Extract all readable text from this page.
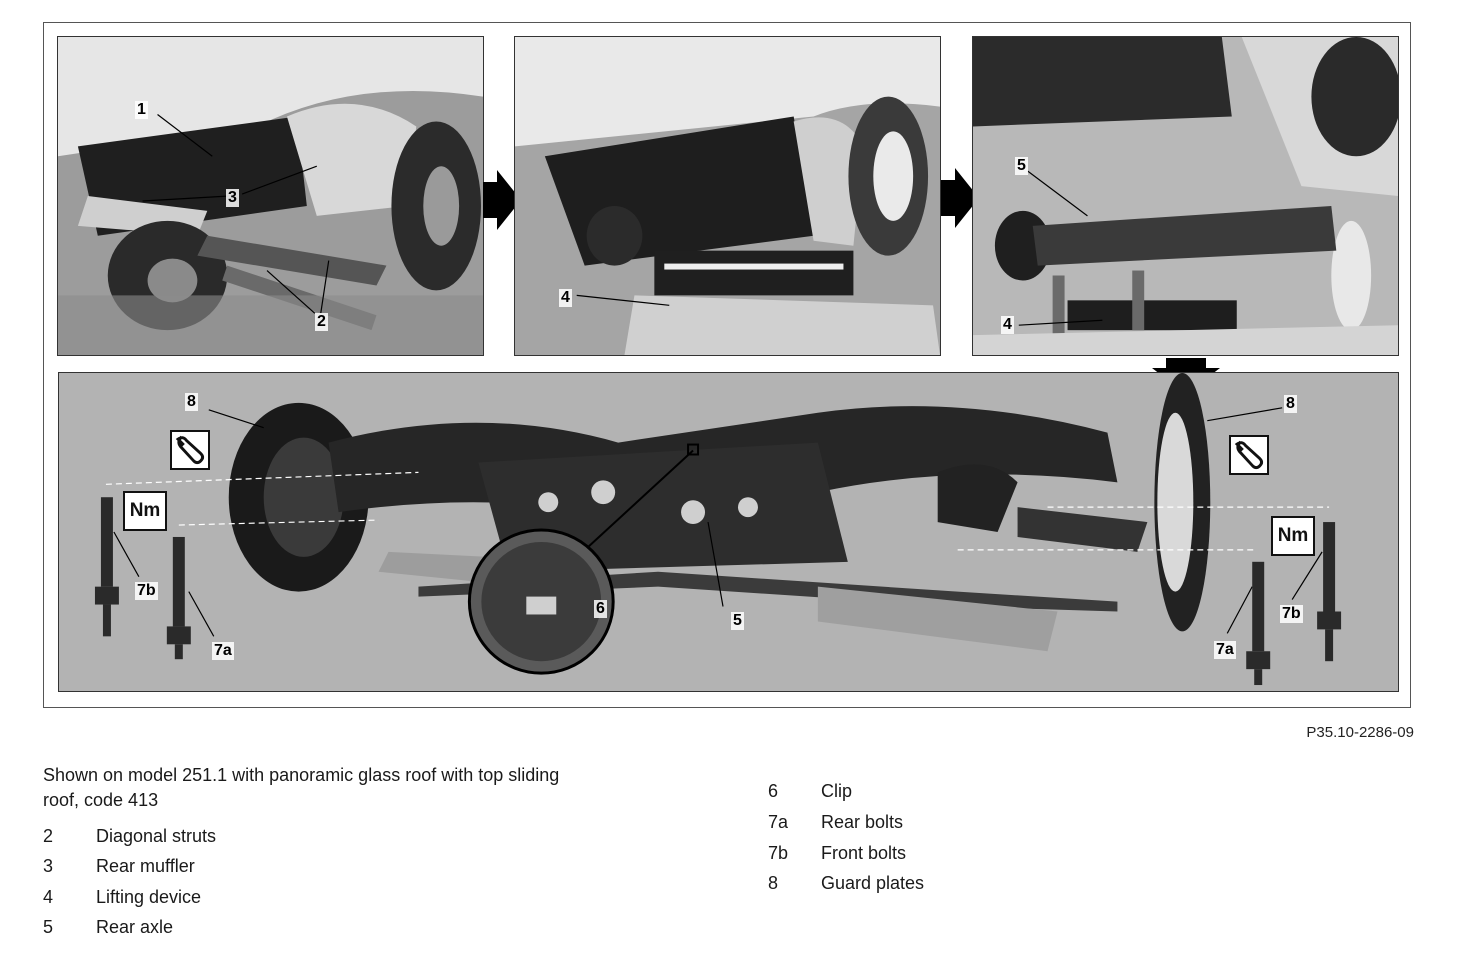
1
3
2
4
5
4
8	8
7b
7a
6
5
7a
7b
Nm
Nm
P35.10-2286-09
Shown on model 251.1 with panoramic glass roof with top sliding roof, code 413
2 Diagonal struts
3 Rear muffler
4 Lifting device
5 Rear axle
6 Clip
7a Rear bolts
7b Front bolts
8 Guard plates
